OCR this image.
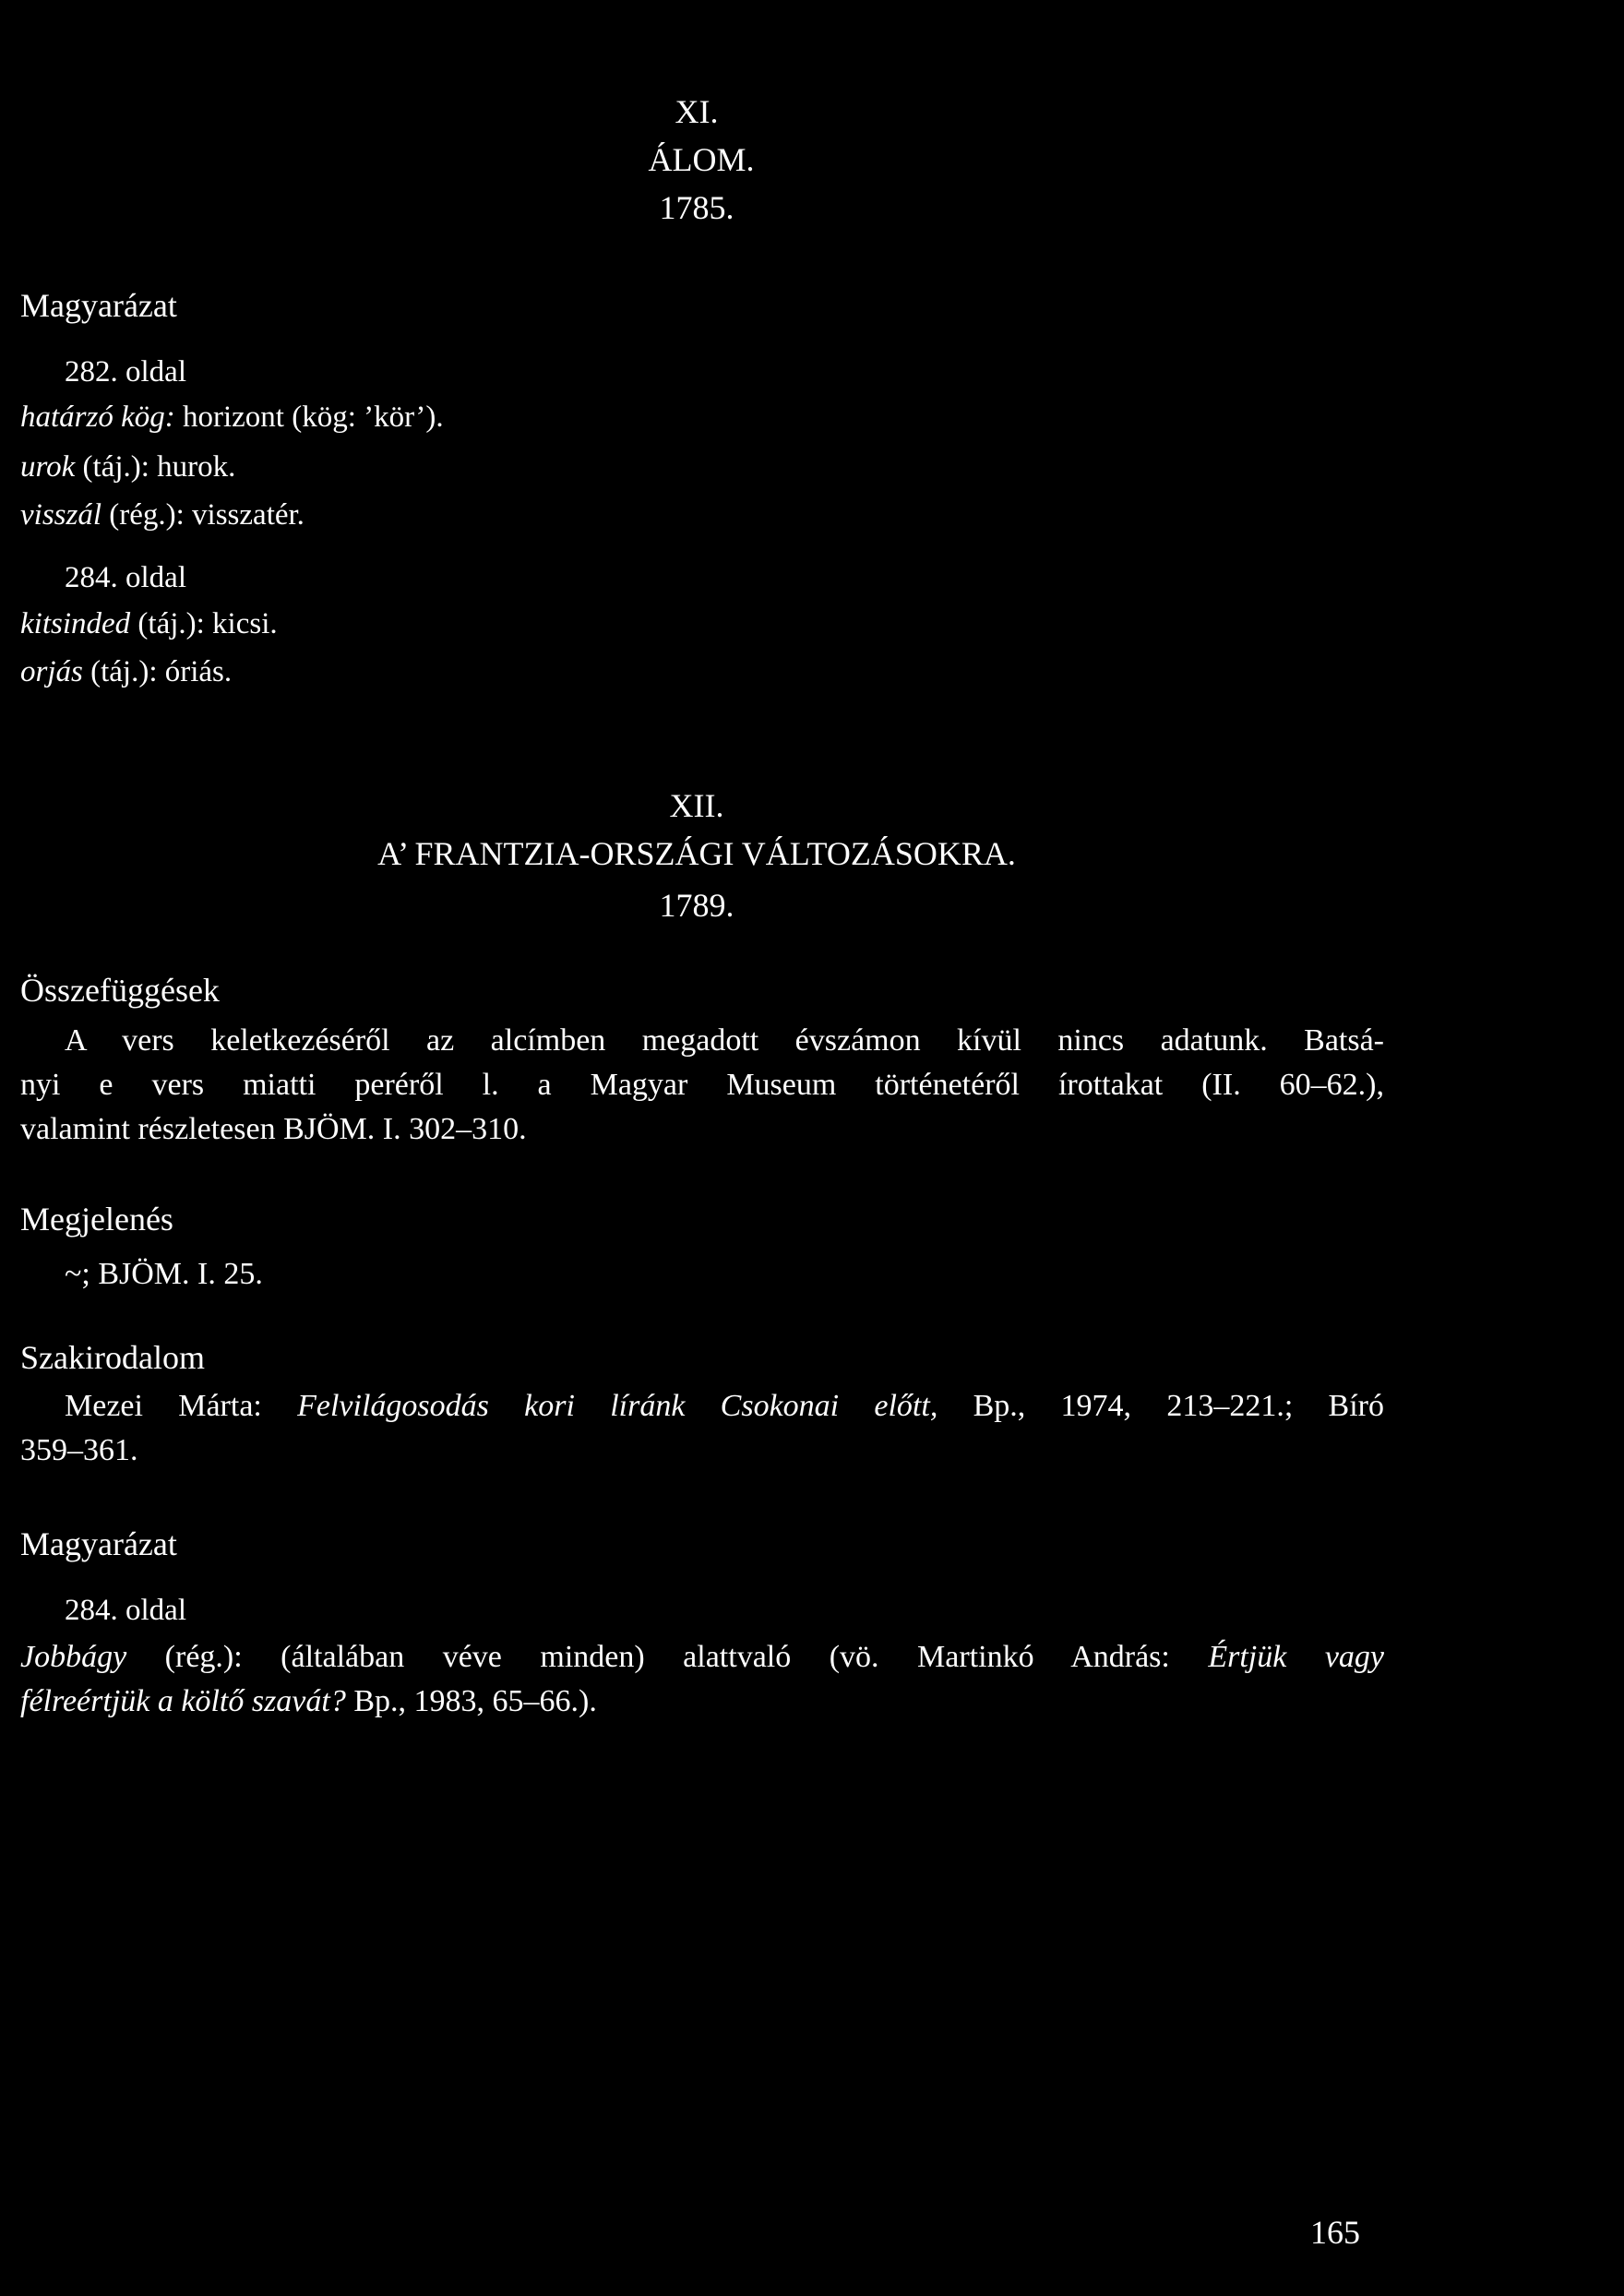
XI.
ÁLOM.
1785.
Magyarázat
282. oldal
határzó kög: horizont (kög: ’kör’).
urok (táj.): hurok.
visszál (rég.): visszatér.
284. oldal
kitsinded (táj.): kicsi.
orjás (táj.): óriás.
XII.
A’ FRANTZIA-ORSZÁGI VÁLTOZÁSOKRA.
1789.
Összefüggések
A vers keletkezéséről az alcímben megadott évszámon kívül nincs adatunk. Batsá-
nyi e vers miatti peréről l. a Magyar Museum történetéről írottakat (II. 60–62.),
valamint részletesen BJÖM. I. 302–310.
Megjelenés
~; BJÖM. I. 25.
Szakirodalom
Mezei Márta: Felvilágosodás kori líránk Csokonai előtt, Bp., 1974, 213–221.; Bíró
359–361.
Magyarázat
284. oldal
Jobbágy (rég.): (általában véve minden) alattvaló (vö. Martinkó András: Értjük vagy
félreértjük a költő szavát? Bp., 1983, 65–66.).
165
